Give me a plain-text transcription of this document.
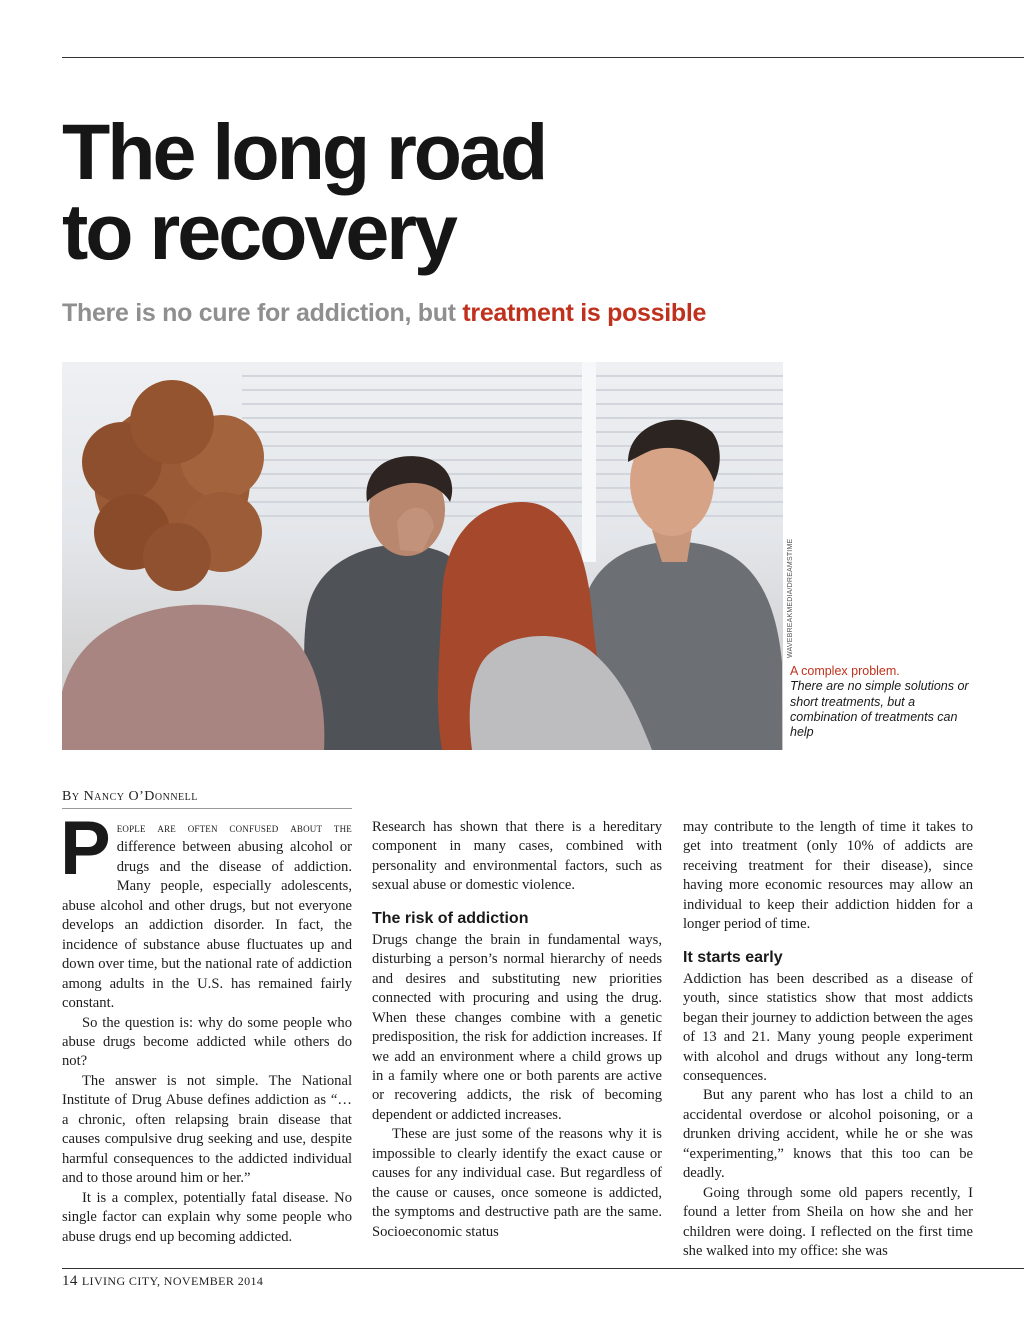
The long road
to recovery
There is no cure for addiction, but treatment is possible
WAVEBREAKMEDIA/DREAMSTIME
A complex problem.
There are no simple solutions or short treatments, but a combination of treatments can help
By Nancy O’Donnell

People are often confused about the difference between abusing alcohol or drugs and the disease of addiction. Many people, especially adolescents, abuse alcohol and other drugs, but not everyone develops an addiction disorder. In fact, the incidence of substance abuse fluctuates up and down over time, but the national rate of addiction among adults in the U.S. has remained fairly constant.

So the question is: why do some people who abuse drugs become addicted while others do not?

The answer is not simple. The National Institute of Drug Abuse defines addiction as “… a chronic, often relapsing brain disease that causes compulsive drug seeking and use, despite harmful consequences to the addicted individual and to those around him or her.”

It is a complex, potentially fatal disease. No single factor can explain why some people who abuse drugs end up becoming addicted.

Research has shown that there is a hereditary component in many cases, combined with personality and environmental factors, such as sexual abuse or domestic violence.

The risk of addiction

Drugs change the brain in fundamental ways, disturbing a person’s normal hierarchy of needs and desires and substituting new priorities connected with procuring and using the drug. When these changes combine with a genetic predisposition, the risk for addiction increases. If we add an environment where a child grows up in a family where one or both parents are active or recovering addicts, the risk of becoming dependent or addicted increases.

These are just some of the reasons why it is impossible to clearly identify the exact cause or causes for any individual case. But regardless of the cause or causes, once someone is addicted, the symptoms and destructive path are the same. Socioeconomic status

may contribute to the length of time it takes to get into treatment (only 10% of addicts are receiving treatment for their disease), since having more economic resources may allow an individual to keep their addiction hidden for a longer period of time.

It starts early

Addiction has been described as a disease of youth, since statistics show that most addicts began their journey to addiction between the ages of 13 and 21. Many young people experiment with alcohol and drugs without any long-term consequences.

But any parent who has lost a child to an accidental overdose or alcohol poisoning, or a drunken driving accident, while he or she was “experimenting,” knows that this too can be deadly.

Going through some old papers recently, I found a letter from Sheila on how she and her children were doing. I reflected on the first time she walked into my office: she was

14 LIVING CITY, NOVEMBER 2014
